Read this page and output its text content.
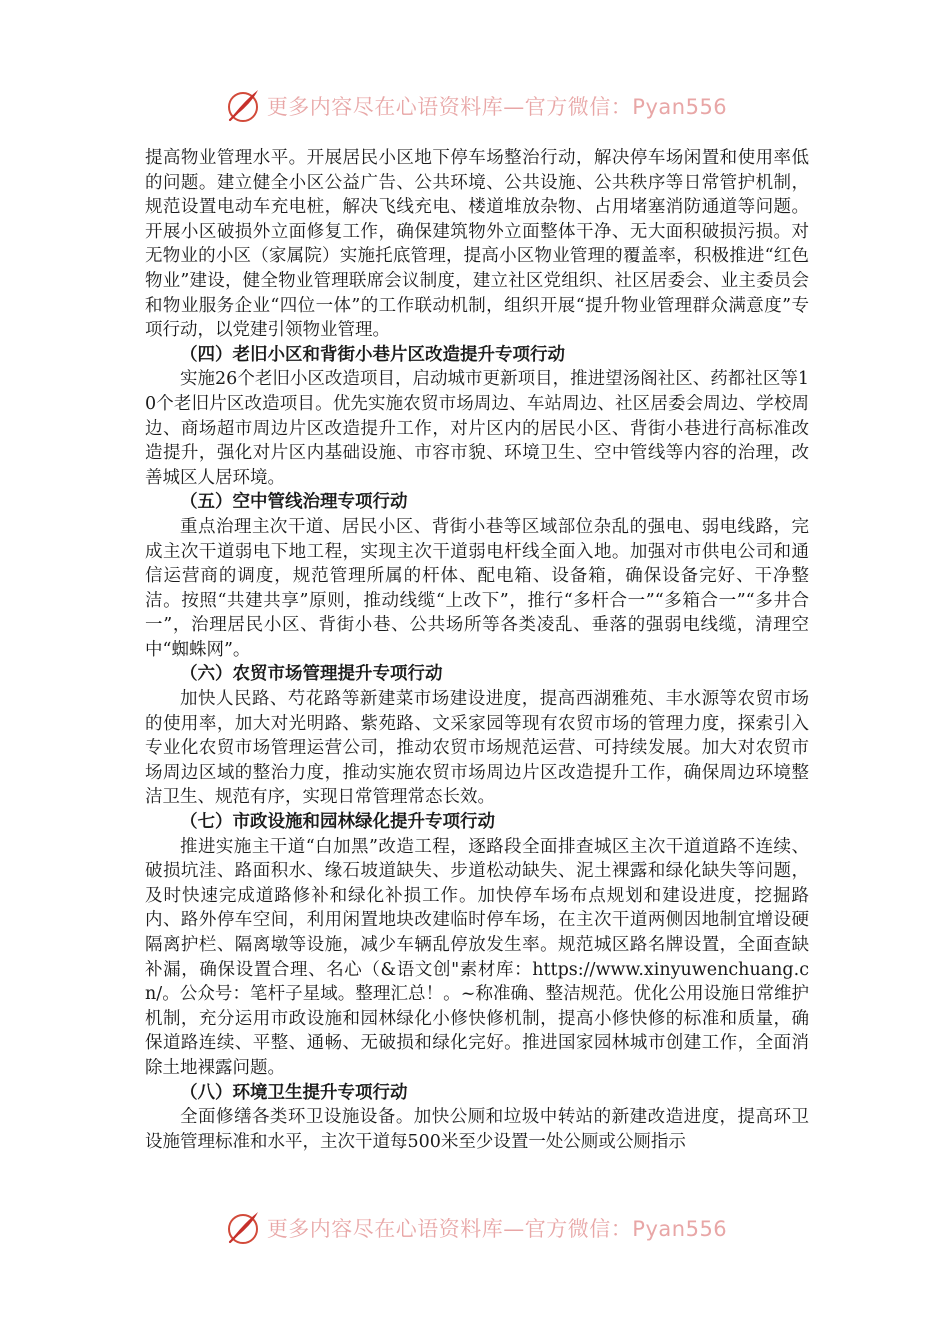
更多内容尽在心语资料库—官方微信：Pyan556

提高物业管理水平。开展居民小区地下停车场整治行动，解决停车场闲置和使用率低的问题。建立健全小区公益广告、公共环境、公共设施、公共秩序等日常管护机制，规范设置电动车充电桩，解决飞线充电、楼道堆放杂物、占用堵塞消防通道等问题。开展小区破损外立面修复工作，确保建筑物外立面整体干净、无大面积破损污损。对无物业的小区（家属院）实施托底管理，提高小区物业管理的覆盖率，积极推进“红色物业”建设，健全物业管理联席会议制度，建立社区党组织、社区居委会、业主委员会和物业服务企业“四位一体”的工作联动机制，组织开展“提升物业管理群众满意度”专项行动，以党建引领物业管理。

（四）老旧小区和背街小巷片区改造提升专项行动

实施26个老旧小区改造项目，启动城市更新项目，推进望汤阁社区、药都社区等10个老旧片区改造项目。优先实施农贸市场周边、车站周边、社区居委会周边、学校周边、商场超市周边片区改造提升工作，对片区内的居民小区、背街小巷进行高标准改造提升，强化对片区内基础设施、市容市貌、环境卫生、空中管线等内容的治理，改善城区人居环境。

（五）空中管线治理专项行动

重点治理主次干道、居民小区、背街小巷等区域部位杂乱的强电、弱电线路，完成主次干道弱电下地工程，实现主次干道弱电杆线全面入地。加强对市供电公司和通信运营商的调度，规范管理所属的杆体、配电箱、设备箱，确保设备完好、干净整洁。按照“共建共享”原则，推动线缆“上改下”，推行“多杆合一”“多箱合一”“多井合一”，治理居民小区、背街小巷、公共场所等各类凌乱、垂落的强弱电线缆，清理空中“蜘蛛网”。

（六）农贸市场管理提升专项行动

加快人民路、芍花路等新建菜市场建设进度，提高西湖雅苑、丰水源等农贸市场的使用率，加大对光明路、紫苑路、文采家园等现有农贸市场的管理力度，探索引入专业化农贸市场管理运营公司，推动农贸市场规范运营、可持续发展。加大对农贸市场周边区域的整治力度，推动实施农贸市场周边片区改造提升工作，确保周边环境整洁卫生、规范有序，实现日常管理常态长效。

（七）市政设施和园林绿化提升专项行动

推进实施主干道“白加黑”改造工程，逐路段全面排查城区主次干道道路不连续、破损坑洼、路面积水、缘石坡道缺失、步道松动缺失、泥土裸露和绿化缺失等问题，及时快速完成道路修补和绿化补损工作。加快停车场布点规划和建设进度，挖掘路内、路外停车空间，利用闲置地块改建临时停车场，在主次干道两侧因地制宜增设硬隔离护栏、隔离墩等设施，减少车辆乱停放发生率。规范城区路名牌设置，全面查缺补漏，确保设置合理、名心（&语文创"素材库：https://www.xinyuwenchuang.cn/。公众号：笔杆子星域。整理汇总！。~称准确、整洁规范。优化公用设施日常维护机制，充分运用市政设施和园林绿化小修快修机制，提高小修快修的标准和质量，确保道路连续、平整、通畅、无破损和绿化完好。推进国家园林城市创建工作，全面消除土地裸露问题。

（八）环境卫生提升专项行动

全面修缮各类环卫设施设备。加快公厕和垃圾中转站的新建改造进度，提高环卫设施管理标准和水平，主次干道每500米至少设置一处公厕或公厕指示

更多内容尽在心语资料库—官方微信：Pyan556
